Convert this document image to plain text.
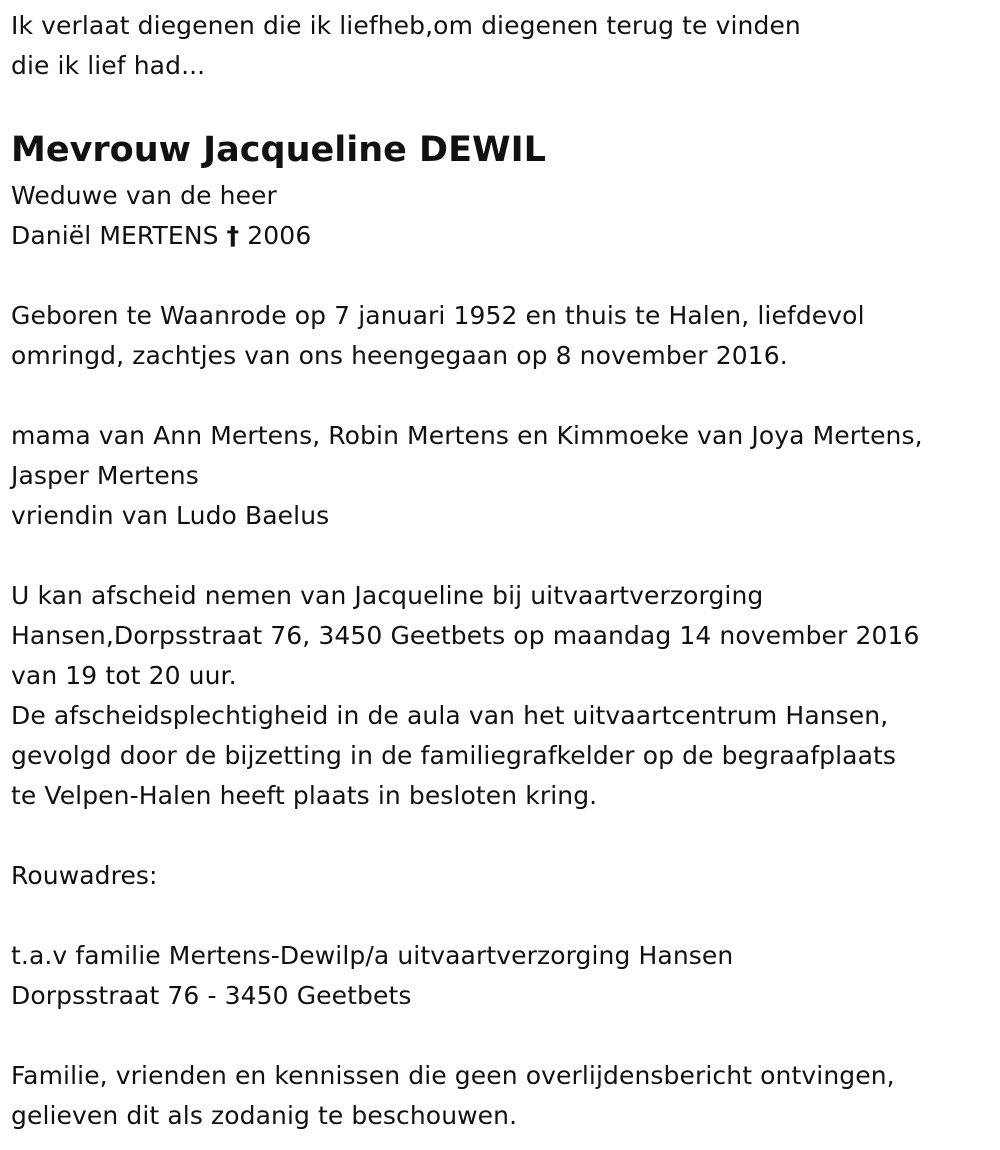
Ik verlaat diegenen die ik liefheb,om diegenen terug te vinden
die ik lief had...
Mevrouw Jacqueline DEWIL
Weduwe van de heer
Daniël MERTENS † 2006
Geboren te Waanrode op 7 januari 1952 en thuis te Halen, liefdevol
omringd, zachtjes van ons heengegaan op 8 november 2016.
mama van Ann Mertens, Robin Mertens en Kimmoeke van Joya Mertens,
Jasper Mertens
vriendin van Ludo Baelus
U kan afscheid nemen van Jacqueline bij uitvaartverzorging
Hansen,Dorpsstraat 76, 3450 Geetbets op maandag 14 november 2016
van 19 tot 20 uur.
De afscheidsplechtigheid in de aula van het uitvaartcentrum Hansen,
gevolgd door de bijzetting in de familiegrafkelder op de begraafplaats
te Velpen-Halen heeft plaats in besloten kring.
Rouwadres:
t.a.v familie Mertens-Dewilp/a uitvaartverzorging Hansen
Dorpsstraat 76 - 3450 Geetbets
Familie, vrienden en kennissen die geen overlijdensbericht ontvingen,
gelieven dit als zodanig te beschouwen.
